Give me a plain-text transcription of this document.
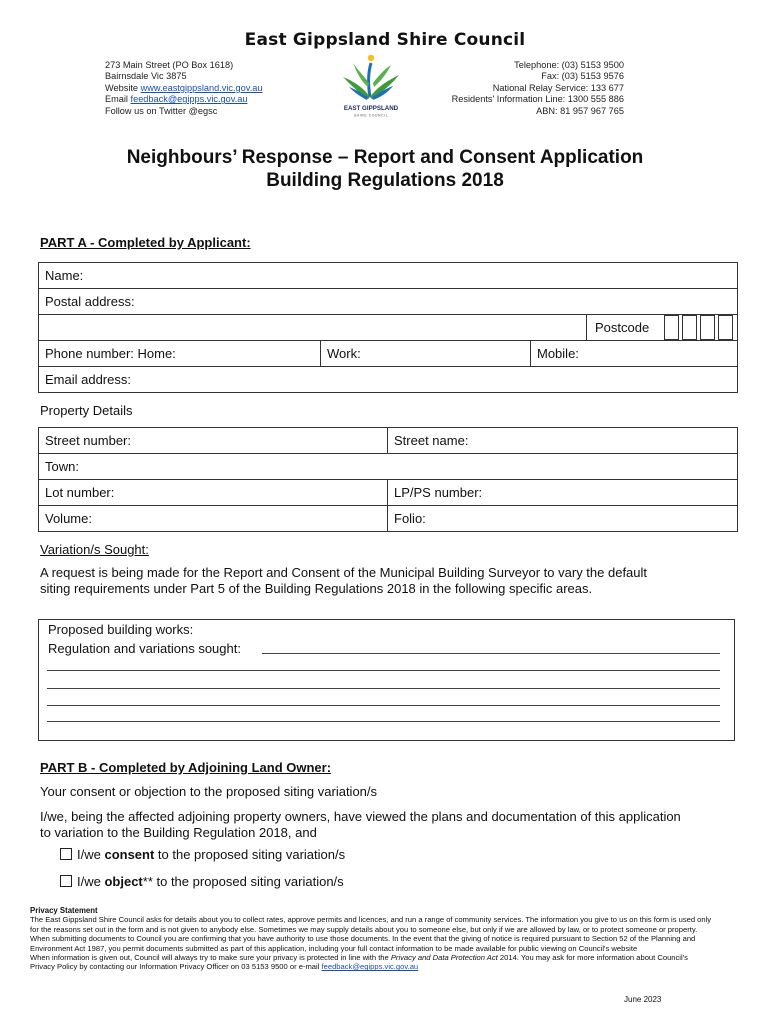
East Gippsland Shire Council
273 Main Street (PO Box 1618)
Bairnsdale Vic 3875
Website www.eastgippsland.vic.gov.au
Email feedback@egipps.vic.gov.au
Follow us on Twitter @egsc	EAST GIPPSLAND
SHIRE COUNCIL
Telephone: (03) 5153 9500
Fax: (03) 5153 9576
National Relay Service: 133 677
Residents' Information Line: 1300 555 886
ABN: 81 957 967 765
Neighbours’ Response – Report and Consent Application
Building Regulations 2018
PART A - Completed by Applicant:
Name:
Postal address:

Postcode

Phone number: Home:	Work:	Mobile:
Email address:
Property Details
Street number:	Street name:
Town:	
Lot number:	LP/PS number:
Volume:	Folio:
Variation/s Sought:
A request is being made for the Report and Consent of the Municipal Building Surveyor to vary the default siting requirements under Part 5 of the Building Regulations 2018 in the following specific areas.
Proposed building works:
Regulation and variations sought:
PART B - Completed by Adjoining Land Owner:
Your consent or objection to the proposed siting variation/s
I/we, being the affected adjoining property owners, have viewed the plans and documentation of this application to variation to the Building Regulation 2018, and
I/we consent to the proposed siting variation/s
I/we object** to the proposed siting variation/s
Privacy Statement
The East Gippsland Shire Council asks for details about you to collect rates, approve permits and licences, and run a range of community services. The information you give to us on this form is used only for the reasons set out in the form and is not given to anybody else. Sometimes we may supply details about you to someone else, but only if we are allowed by law, or to protect someone or property.
When submitting documents to Council you are confirming that you have authority to use those documents. In the event that the giving of notice is required pursuant to Section 52 of the Planning and Environment Act 1987, you permit documents submitted as part of this application, including your full contact information to be made available for public viewing on Council's website
When information is given out, Council will always try to make sure your privacy is protected in line with the Privacy and Data Protection Act 2014. You may ask for more information about Council's Privacy Policy by contacting our Information Privacy Officer on 03 5153 9500 or e-mail feedback@egipps.vic.gov.au
June 2023
